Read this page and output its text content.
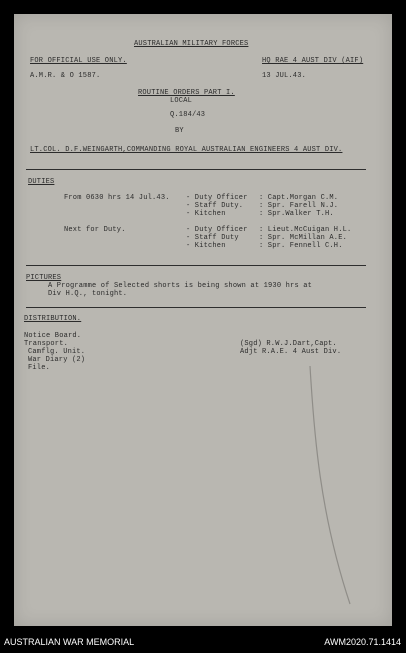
AUSTRALIAN MILITARY FORCES
FOR OFFICIAL USE ONLY.	HQ RAE 4 AUST DIV (AIF)
A.M.R. & O 1587.	13 JUL.43.
ROUTINE ORDERS PART I.
LOCAL
Q.184/43
BY
LT.COL. D.F.WEINGARTH,COMMANDING ROYAL AUSTRALIAN ENGINEERS 4 AUST DIV.
DUTIES
From 0630 hrs 14 Jul.43. - Duty Officer : Capt.Morgan C.M.
- Staff Duty. : Spr. Farell N.J.
- Kitchen	: Spr.Walker T.H.
Next for Duty.	- Duty Officer : Lieut.McCuigan H.L.
- Staff Duty	: Spr. McMillan A.E.
- Kitchen	: Spr. Fennell C.H.
PICTURES
A Programme of Selected shorts is being shown at 1930 hrs at
Div H.Q., tonight.
DISTRIBUTION.
Notice Board.
Transport.
Camflg. Unit.
War Diary (2)
File.
(Sgd) R.W.J.Dart,Capt.
Adjt R.A.E. 4 Aust Div.
AUSTRALIAN WAR MEMORIAL	AWM2020.71.1414
